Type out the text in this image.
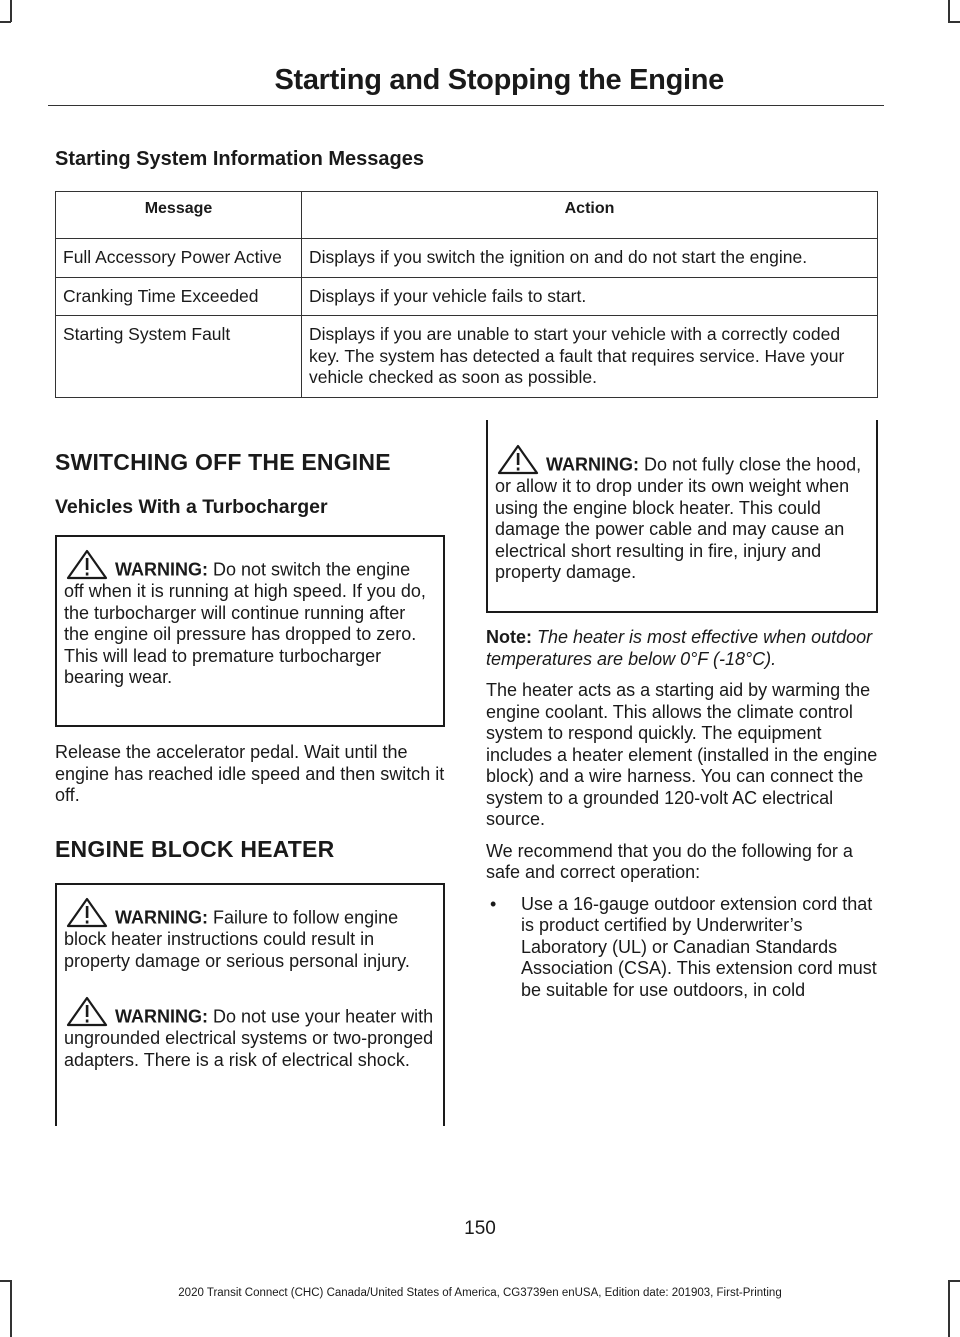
Starting and Stopping the Engine
Starting System Information Messages
Message	Action
Full Accessory Power Active	Displays if you switch the ignition on and do not start the engine.
Cranking Time Exceeded	Displays if your vehicle fails to start.
Starting System Fault	Displays if you are unable to start your vehicle with a correctly coded key. The system has detected a fault that requires service. Have your vehicle checked as soon as possible.
SWITCHING OFF THE ENGINE
Vehicles With a Turbocharger
WARNING: Do not switch the engine off when it is running at high speed. If you do, the turbocharger will continue running after the engine oil pressure has dropped to zero. This will lead to premature turbocharger bearing wear.

Release the accelerator pedal. Wait until the engine has reached idle speed and then switch it off.

ENGINE BLOCK HEATER
WARNING: Failure to follow engine block heater instructions could result in property damage or serious personal injury.
WARNING: Do not use your heater with ungrounded electrical systems or two-pronged adapters. There is a risk of electrical shock.
WARNING: Do not fully close the hood, or allow it to drop under its own weight when using the engine block heater. This could damage the power cable and may cause an electrical short resulting in fire, injury and property damage.

Note: The heater is most effective when outdoor temperatures are below 0°F (-18°C).

The heater acts as a starting aid by warming the engine coolant. This allows the climate control system to respond quickly. The equipment includes a heater element (installed in the engine block) and a wire harness. You can connect the system to a grounded 120-volt AC electrical source.

We recommend that you do the following for a safe and correct operation:

• Use a 16-gauge outdoor extension cord that is product certified by Underwriter’s Laboratory (UL) or Canadian Standards Association (CSA). This extension cord must be suitable for use outdoors, in cold
150
2020 Transit Connect (CHC) Canada/United States of America, CG3739en enUSA, Edition date: 201903, First-Printing
